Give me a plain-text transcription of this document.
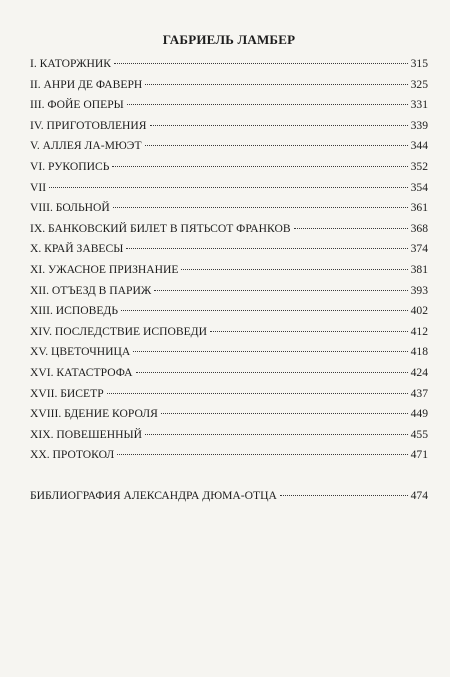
ГАБРИЕЛЬ ЛАМБЕР
I. КАТОРЖНИК	315
II. АНРИ ДЕ ФАВЕРН	325
III. ФОЙЕ ОПЕРЫ	331
IV. ПРИГОТОВЛЕНИЯ	339
V. АЛЛЕЯ ЛА-МЮЭТ	344
VI. РУКОПИСЬ	352
VII	354
VIII. БОЛЬНОЙ	361
IX. БАНКОВСКИЙ БИЛЕТ В ПЯТЬСОТ ФРАНКОВ	368
X. КРАЙ ЗАВЕСЫ	374
XI. УЖАСНОЕ ПРИЗНАНИЕ	381
XII. ОТЪЕЗД В ПАРИЖ	393
XIII. ИСПОВЕДЬ	402
XIV. ПОСЛЕДСТВИЕ ИСПОВЕДИ	412
XV. ЦВЕТОЧНИЦА	418
XVI. КАТАСТРОФА	424
XVII. БИСЕТР	437
XVIII. БДЕНИЕ КОРОЛЯ	449
XIX. ПОВЕШЕННЫЙ	455
XX. ПРОТОКОЛ	471
БИБЛИОГРАФИЯ АЛЕКСАНДРА ДЮМА-ОТЦА	474
